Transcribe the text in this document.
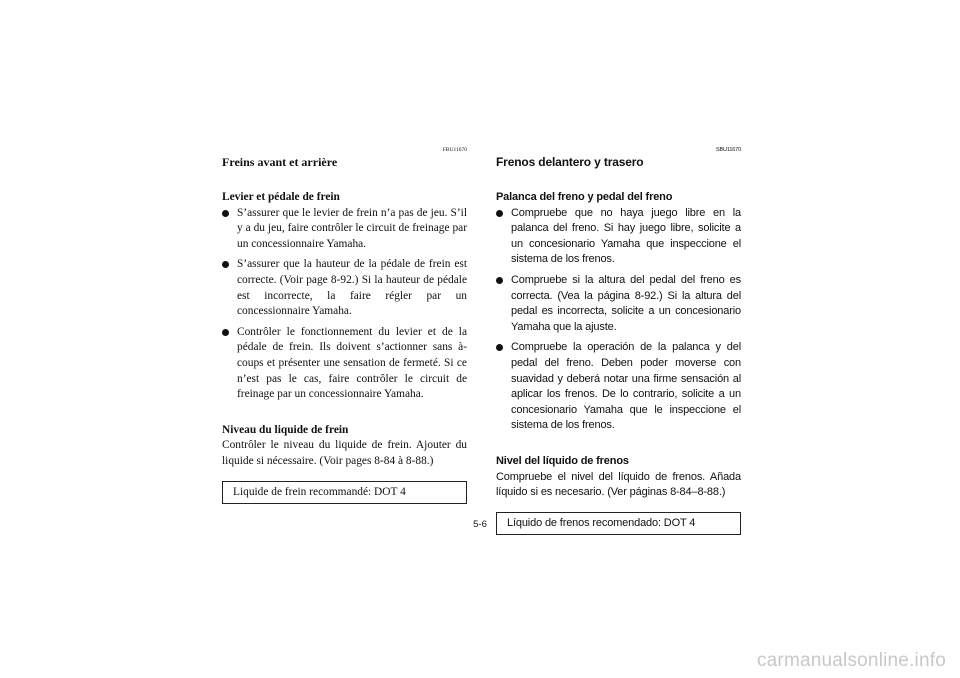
FBU11670
Freins avant et arrière
Levier et pédale de frein
S’assurer que le levier de frein n’a pas de jeu. S’il y a du jeu, faire contrôler le circuit de freinage par un concessionnaire Yamaha.
S’assurer que la hauteur de la pédale de frein est correcte. (Voir page 8-92.) Si la hauteur de pédale est incorrecte, la faire régler par un concessionnaire Yamaha.
Contrôler le fonctionnement du levier et de la pédale de frein. Ils doivent s’actionner sans à-coups et présenter une sensation de fermeté. Si ce n’est pas le cas, faire contrôler le circuit de freinage par un concessionnaire Yamaha.
Niveau du liquide de frein

Contrôler le niveau du liquide de frein. Ajouter du liquide si nécessaire. (Voir pages 8-84 à 8-88.)

Liquide de frein recommandé: DOT 4
SBU11670
Frenos delantero y trasero
Palanca del freno y pedal del freno
Compruebe que no haya juego libre en la palanca del freno. Si hay juego libre, solicite a un concesionario Yamaha que inspeccione el sistema de los frenos.
Compruebe si la altura del pedal del freno es correcta. (Vea la página 8-92.) Si la altura del pedal es incorrecta, solicite a un concesionario Yamaha que la ajuste.
Compruebe la operación de la palanca y del pedal del freno. Deben poder moverse con suavidad y deberá notar una firme sensación al aplicar los frenos. De lo contrario, solicite a un concesionario Yamaha que le inspeccione el sistema de los frenos.
Nivel del líquido de frenos

Compruebe el nivel del líquido de frenos. Añada líquido si es necesario. (Ver páginas 8-84–8-88.)

Líquido de frenos recomendado: DOT 4
5-6
carmanualsonline.info
